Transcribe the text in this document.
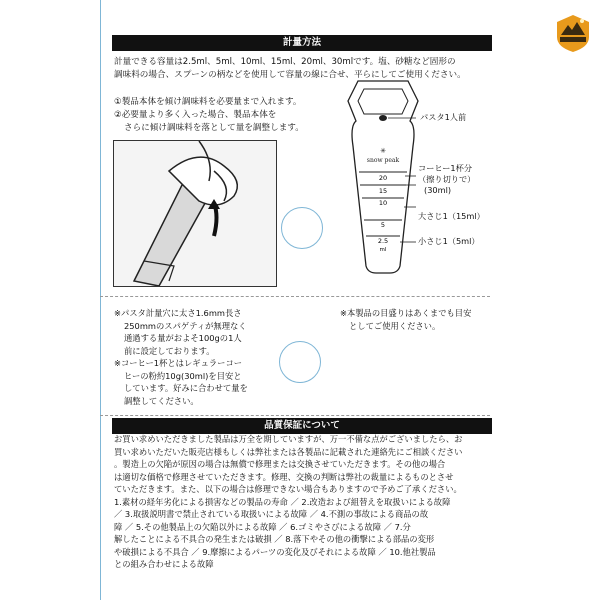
計量方法
計量できる容量は2.5ml、5ml、10ml、15ml、20ml、30mlです。塩、砂糖など固形の
調味料の場合、スプーンの柄などを使用して容量の線に合せ、平らにしてご使用ください。
①製品本体を傾け調味料を必要量まで入れます。
②必要量より多く入った場合、製品本体を
さらに傾け調味料を落として量を調整します。
snow peak
✳
20
15
10
5
2.5
ml
パスタ1人前
コーヒー1杯分
（擦り切りで）
(30ml)
大さじ1（15ml）
小さじ1（5ml）
※パスタ計量穴に太さ1.6mm長さ
250mmのスパゲティが無理なく
通過する量がおよそ100gの1人
前に設定しております。
※コーヒー1杯とはレギュラーコー
ヒーの粉約10g(30ml)を目安と
しています。好みに合わせて量を
調整してください。
※本製品の目盛りはあくまでも目安
としてご使用ください。
品質保証について
お買い求めいただきました製品は万全を期していますが、万一不備な点がございましたら、お
買い求めいただいた販売店様もしくは弊社または各製品に記載された連絡先にご相談ください
。製造上の欠陥が原因の場合は無償で修理または交換させていただきます。その他の場合
は適切な価格で修理させていただきます。修理、交換の判断は弊社の裁量によるものとさせ
ていただきます。また、以下の場合は修理できない場合もありますので予めご了承ください。
1.素材の経年劣化による損害などの製品の寿命 ／ 2.改造および組替えを取扱いによる故障
／ 3.取扱説明書で禁止されている取扱いによる故障 ／ 4.不測の事故による商品の故
障 ／ 5.その他製品上の欠陥以外による故障 ／ 6.ゴミやさびによる故障 ／ 7.分
解したことによる不具合の発生または破損 ／ 8.落下やその他の衝撃による部品の変形
や破損による不具合 ／ 9.摩擦によるパーツの変化及びそれによる故障 ／ 10.他社製品
との組み合わせによる故障
